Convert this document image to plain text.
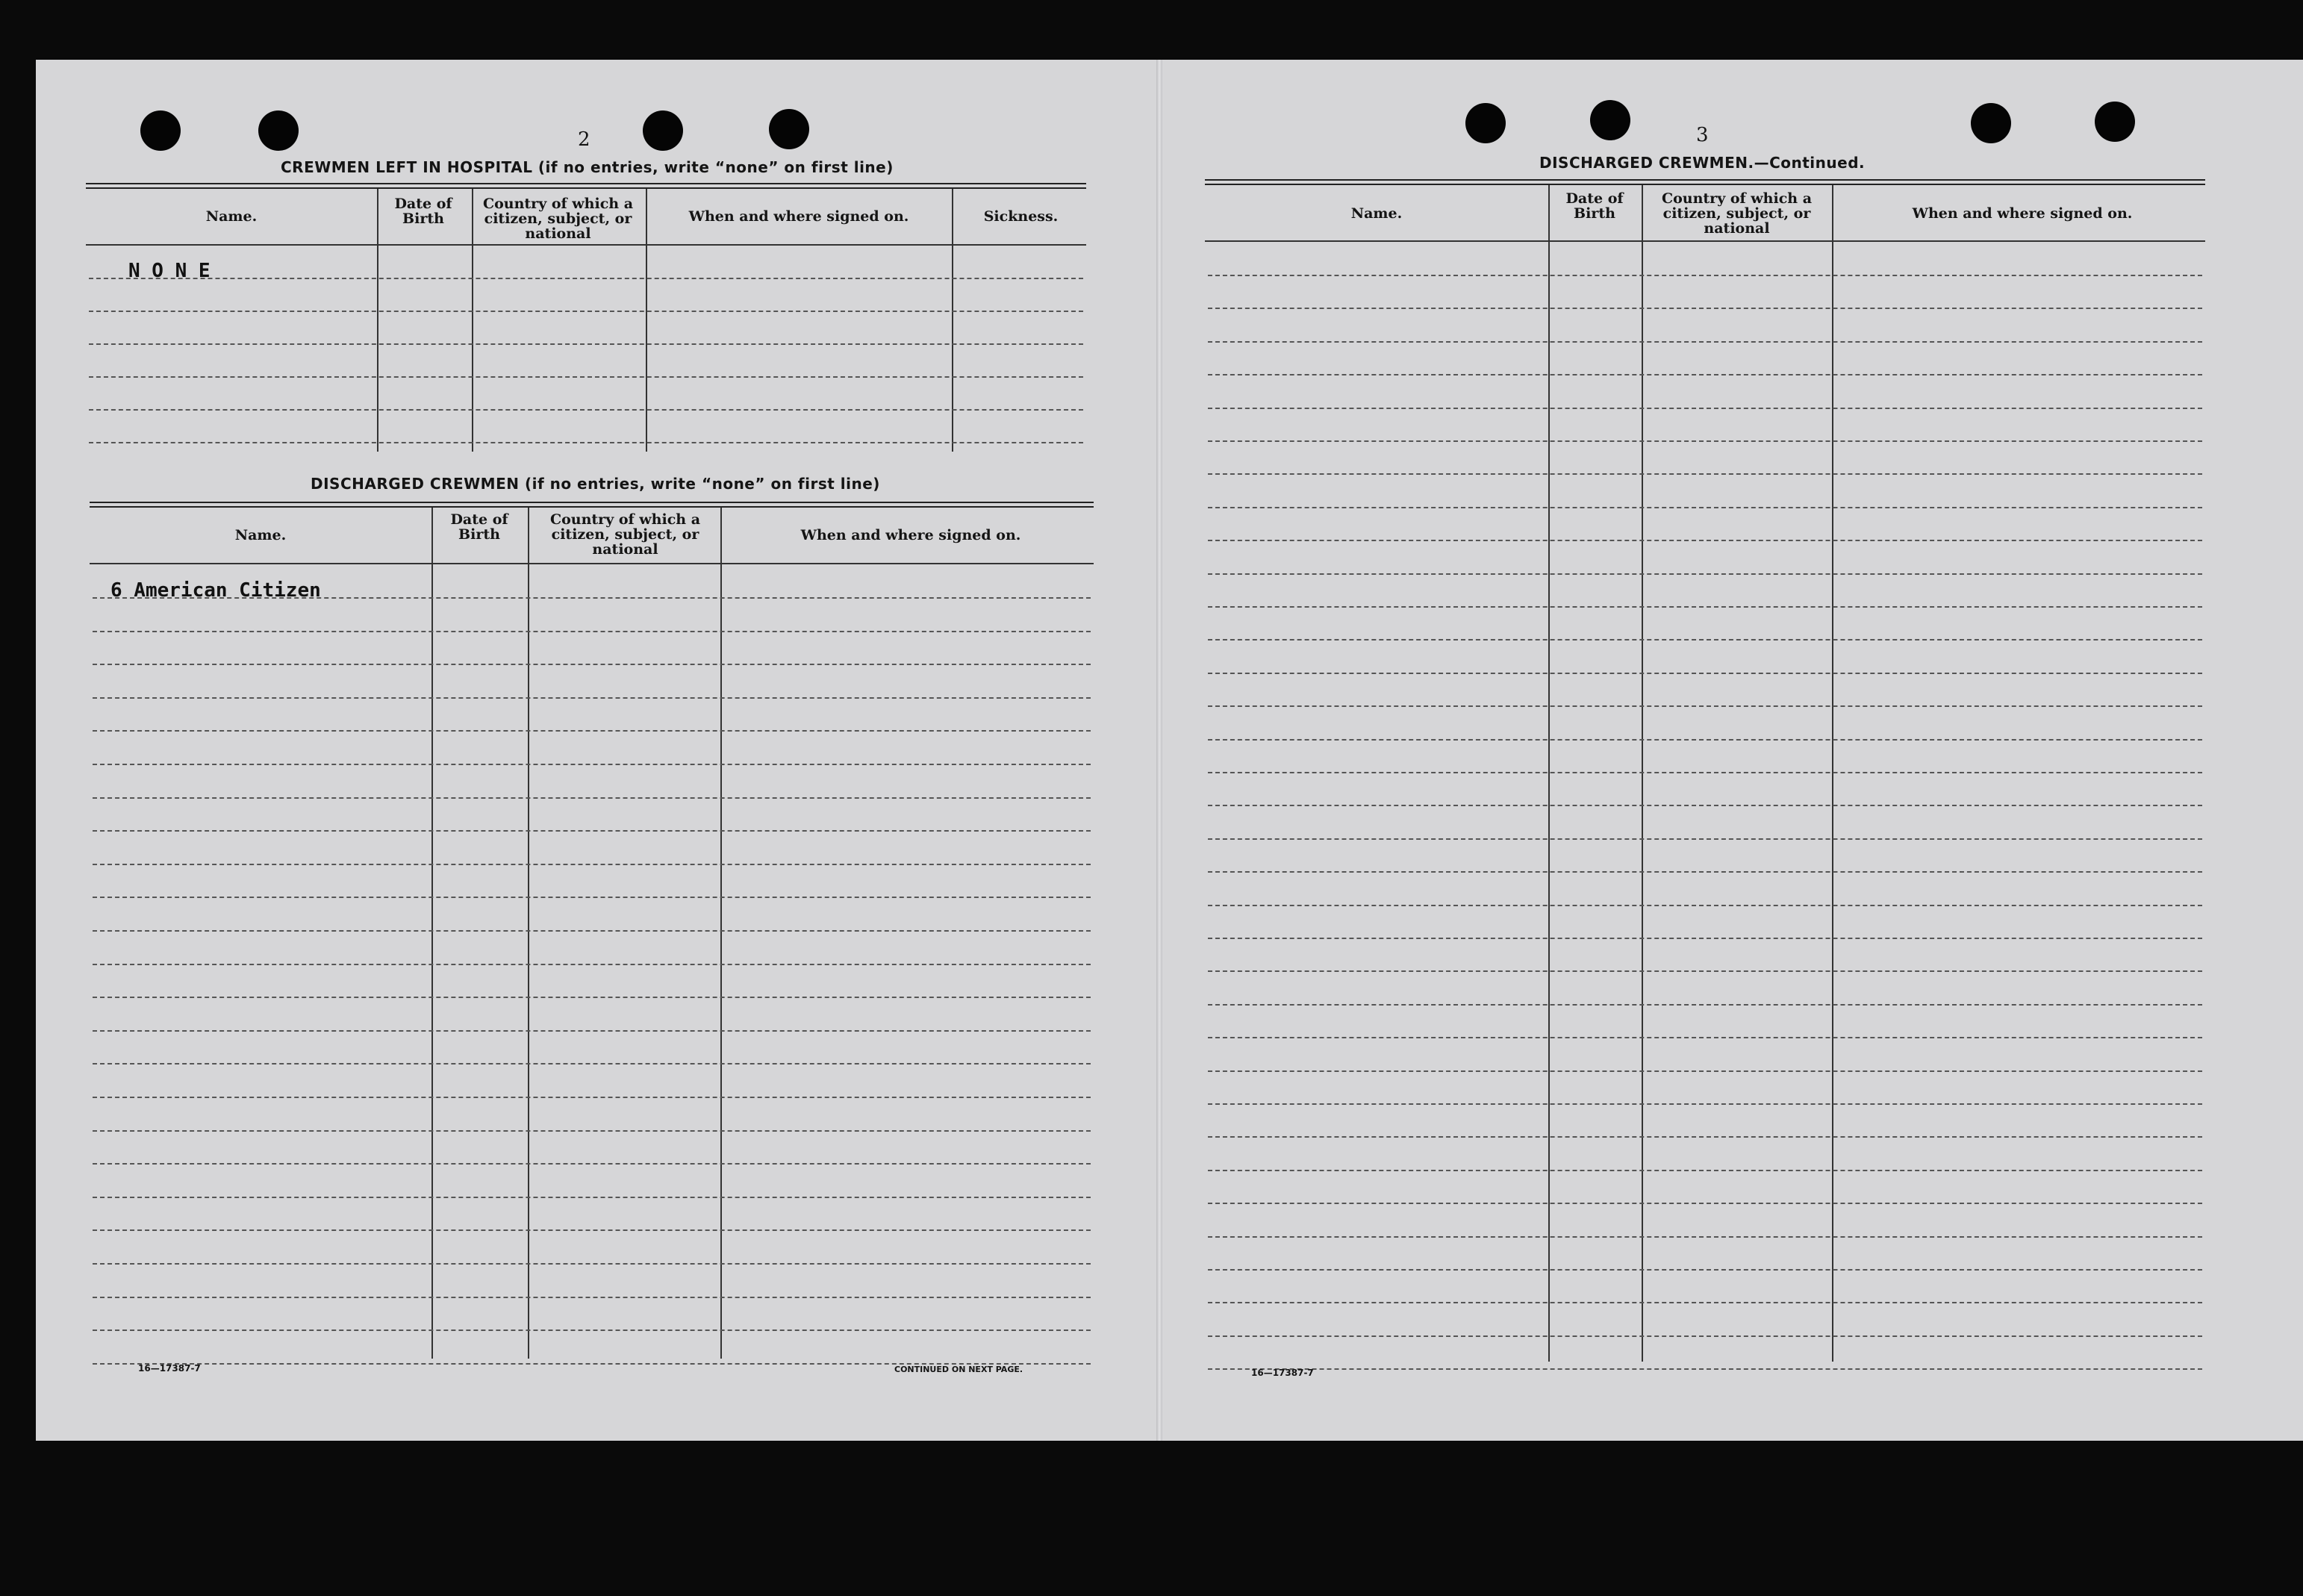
2
CREWMEN LEFT IN HOSPITAL (if no entries, write “none” on first line)
Name.
Date of Birth
Country of which a citizen, subject, or national
When and where signed on.	Sickness.
N O N E
DISCHARGED CREWMEN (if no entries, write “none” on first line)
Name.
Date of Birth
Country of which a citizen, subject, or national
When and where signed on.
6 American Citizen
16—17387-7	CONTINUED ON NEXT PAGE.
3
DISCHARGED CREWMEN.—Continued.
Name.
Date of Birth
Country of which a citizen, subject, or national
When and where signed on.
16—17387-7
